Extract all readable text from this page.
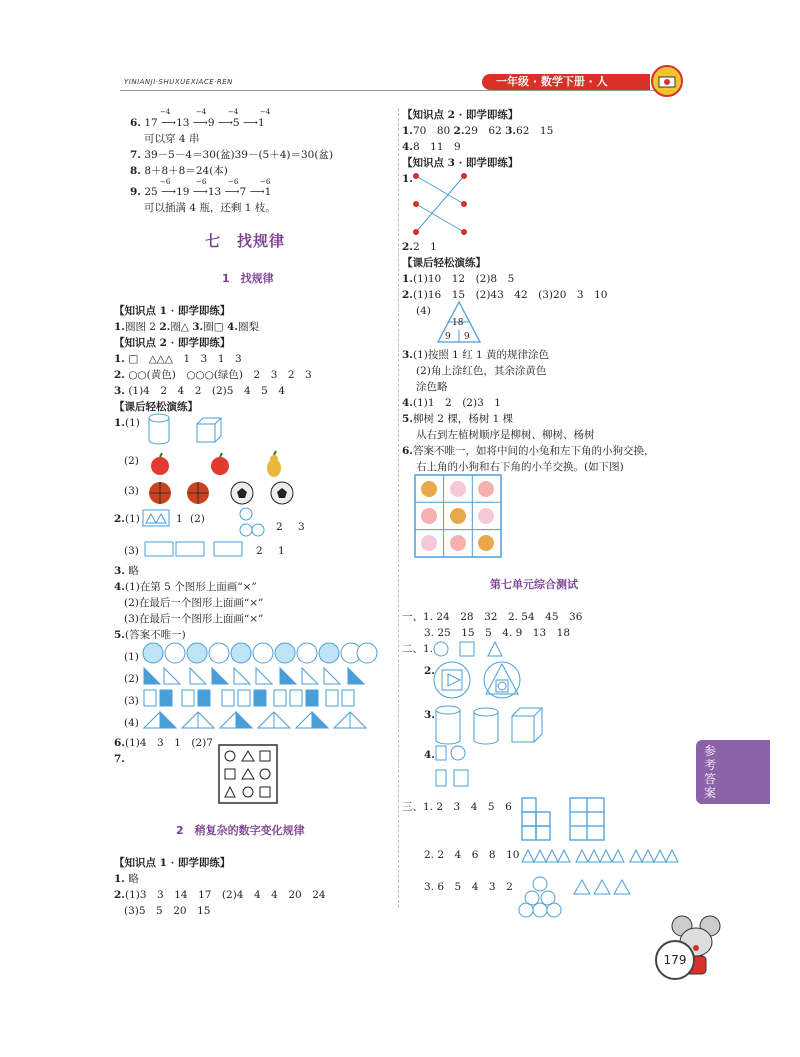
YINIANJI·SHUXUEXIACE·REN	一年级 · 数学下册 · 人
−4	−4	−4	−4
6. 17 ⟶13 ⟶9 ⟶5 ⟶1
可以穿 4 串
7. 39－5－4＝30(盆)39－(5＋4)＝30(盆)
8. 8＋8＋8＝24(本)
−6	−6	−6	−6
9. 25 ⟶19 ⟶13 ⟶7 ⟶1
可以插满 4 瓶，还剩 1 枝。
七　找规律
1　找规律
【知识点 1 · 即学即练】
1.圈图 2 2.圈△ 3.圈□ 4.圈梨
【知识点 2 · 即学即练】
1. □　△△△　1　3　1　3
2. ○○(黄色)　○○○(绿色)　2　3　2　3
3. (1)4　2　4　2　(2)5　4　5　4
【课后轻松演练】
1.(1)
(2)
(3)
2.(1)	1 (2)
2 3
(3)	2 1
3. 略
4.(1)在第 5 个图形上面画“×”
(2)在最后一个图形上面画“×”
(3)在最后一个图形上面画“×”
5.(答案不唯一)
(1)
(2)
(3)
(4)
6.(1)4　3　1　(2)7
7.
2　稍复杂的数字变化规律
【知识点 1 · 即学即练】
1. 略
2.(1)3　3　14　17　(2)4　4　4　20　24
(3)5　5　20　15
【知识点 2 · 即学即练】
1.70　80 2.29　62 3.62　15
4.8　11　9
【知识点 3 · 即学即练】
1.
2.2　1
【课后轻松演练】
1.(1)10　12　(2)8　5
2.(1)16　15　(2)43　42　(3)20　3　10
(4)
18
9 9
3.(1)按照 1 红 1 黄的规律涂色
(2)角上涂红色，其余涂黄色
涂色略
4.(1)1　2　(2)3　1
5.柳树 2 棵，杨树 1 棵
从右到左植树顺序是柳树、柳树、杨树
6.答案不唯一，如将中间的小兔和左下角的小狗交换，
右上角的小狗和右下角的小羊交换。(如下图)
第七单元综合测试
一、1. 24　28　32　2. 54　45　36
3. 25　15　5　4. 9　13　18
二、1.
2.
3.
4.
三、1. 2　3　4　5　6
2. 2　4　6　8　10
3. 6　5　4　3　2
参考答案
179
